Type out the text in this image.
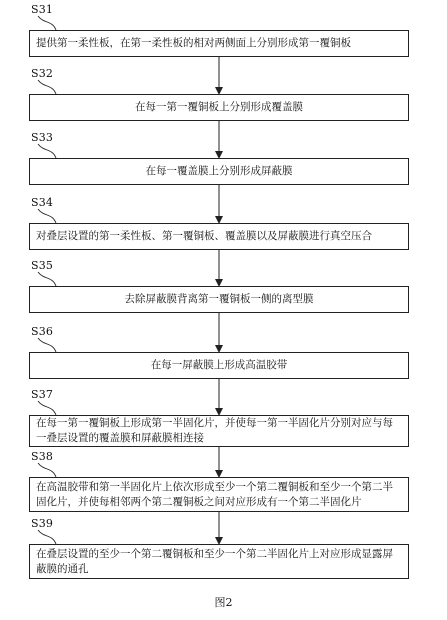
S31
提供第一柔性板，在第一柔性板的相对两侧面上分别形成第一覆铜板
S32
在每一第一覆铜板上分别形成覆盖膜
S33
在每一覆盖膜上分别形成屏蔽膜
S34
对叠层设置的第一柔性板、第一覆铜板、覆盖膜以及屏蔽膜进行真空压合
S35
去除屏蔽膜背离第一覆铜板一侧的离型膜
S36
在每一屏蔽膜上形成高温胶带
S37
在每一第一覆铜板上形成第一半固化片，并使每一第一半固化片分别对应与每一叠层设置的覆盖膜和屏蔽膜相连接
S38
在高温胶带和第一半固化片上依次形成至少一个第二覆铜板和至少一个第二半固化片，并使每相邻两个第二覆铜板之间对应形成有一个第二半固化片
S39
在叠层设置的至少一个第二覆铜板和至少一个第二半固化片上对应形成显露屏蔽膜的通孔
图2
